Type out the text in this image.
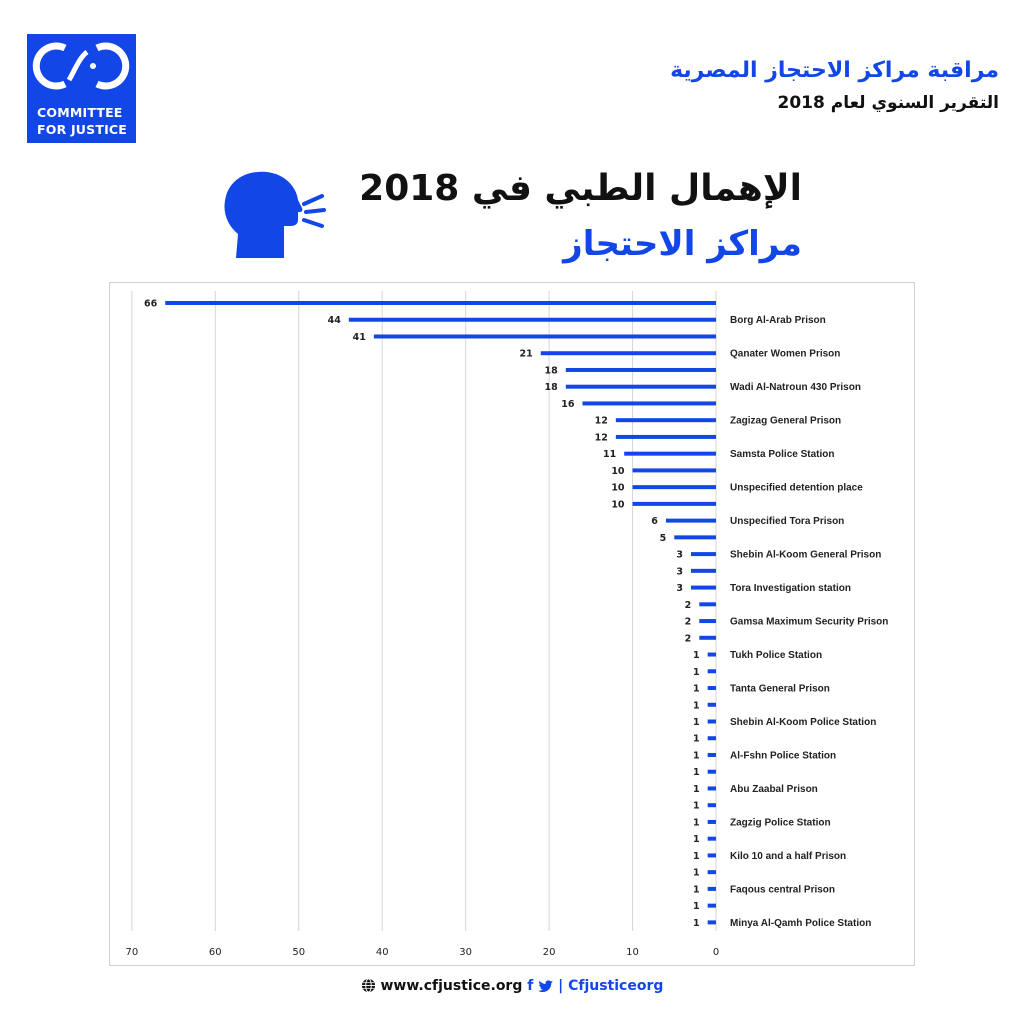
COMMITTEE
FOR JUSTICE
مراقبة مراكز الاحتجاز المصرية
التقرير السنوي لعام 2018
الإهمال الطبي في 2018
مراكز الاحتجاز
70	60	50	40	30	20	10	0
66
44	Borg Al-Arab Prison
41
21	Qanater Women Prison
18
18	Wadi Al-Natroun 430 Prison
16
12	Zagizag General Prison
12
11	Samsta Police Station
10
10	Unspecified detention place
10
6	Unspecified Tora Prison
5
3	Shebin Al-Koom General Prison
3
3	Tora Investigation station
2
2	Gamsa Maximum Security Prison
2
1	Tukh Police Station
1
1	Tanta General Prison
1
1	Shebin Al-Koom Police Station
1
1	Al-Fshn Police Station
1
1	Abu Zaabal Prison
1
1	Zagzig Police Station
1
1	Kilo 10 and a half Prison
1
1	Faqous central Prison
1
1	Minya Al-Qamh Police Station
www.cfjustice.org f | Cfjusticeorg
